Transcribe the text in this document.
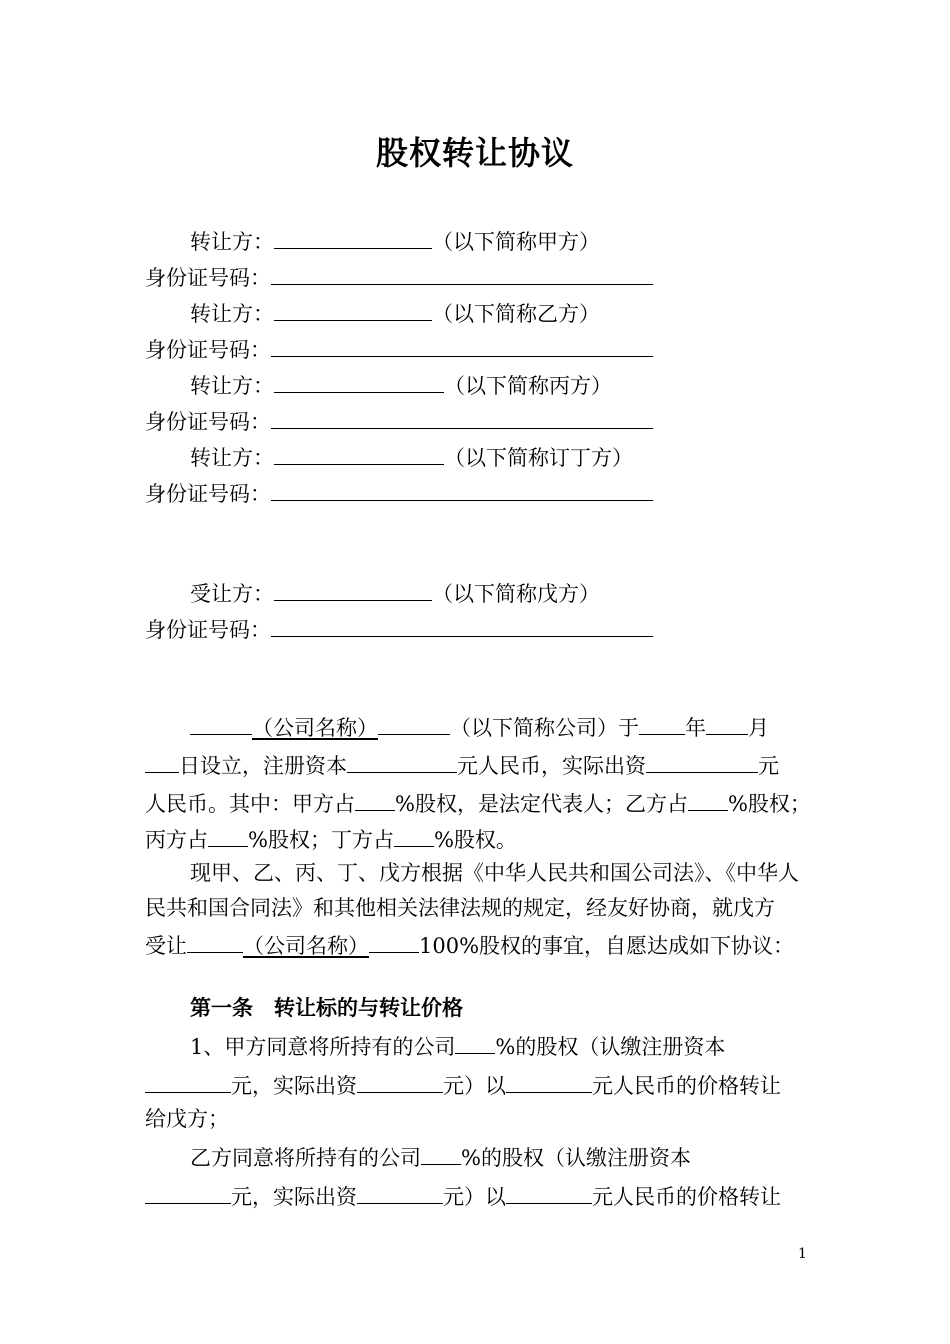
股权转让协议
转让方：	（以下简称甲方）
身份证号码：
转让方：	（以下简称乙方）
身份证号码：
转让方：	（以下简称丙方）
身份证号码：
转让方：	（以下简称订丁方）
身份证号码：
受让方：	（以下简称戊方）
身份证号码：
（公司名称）	（以下简称公司）于 年 月
日设立，注册资本	元人民币，实际出资	元
人民币。其中：甲方占 %股权，是法定代表人；乙方占 %股权；
丙方占 %股权；丁方占 %股权。
现甲、乙、丙、丁、戊方根据《中华人民共和国公司法》、《中华人
民共和国合同法》和其他相关法律法规的规定，经友好协商，就戊方
受让	（公司名称） 100%股权的事宜，自愿达成如下协议：
第一条　转让标的与转让价格
1、甲方同意将所持有的公司 %的股权（认缴注册资本
元，实际出资	元）以	元人民币的价格转让
给戊方；
乙方同意将所持有的公司 %的股权（认缴注册资本
元，实际出资	元）以	元人民币的价格转让
1
